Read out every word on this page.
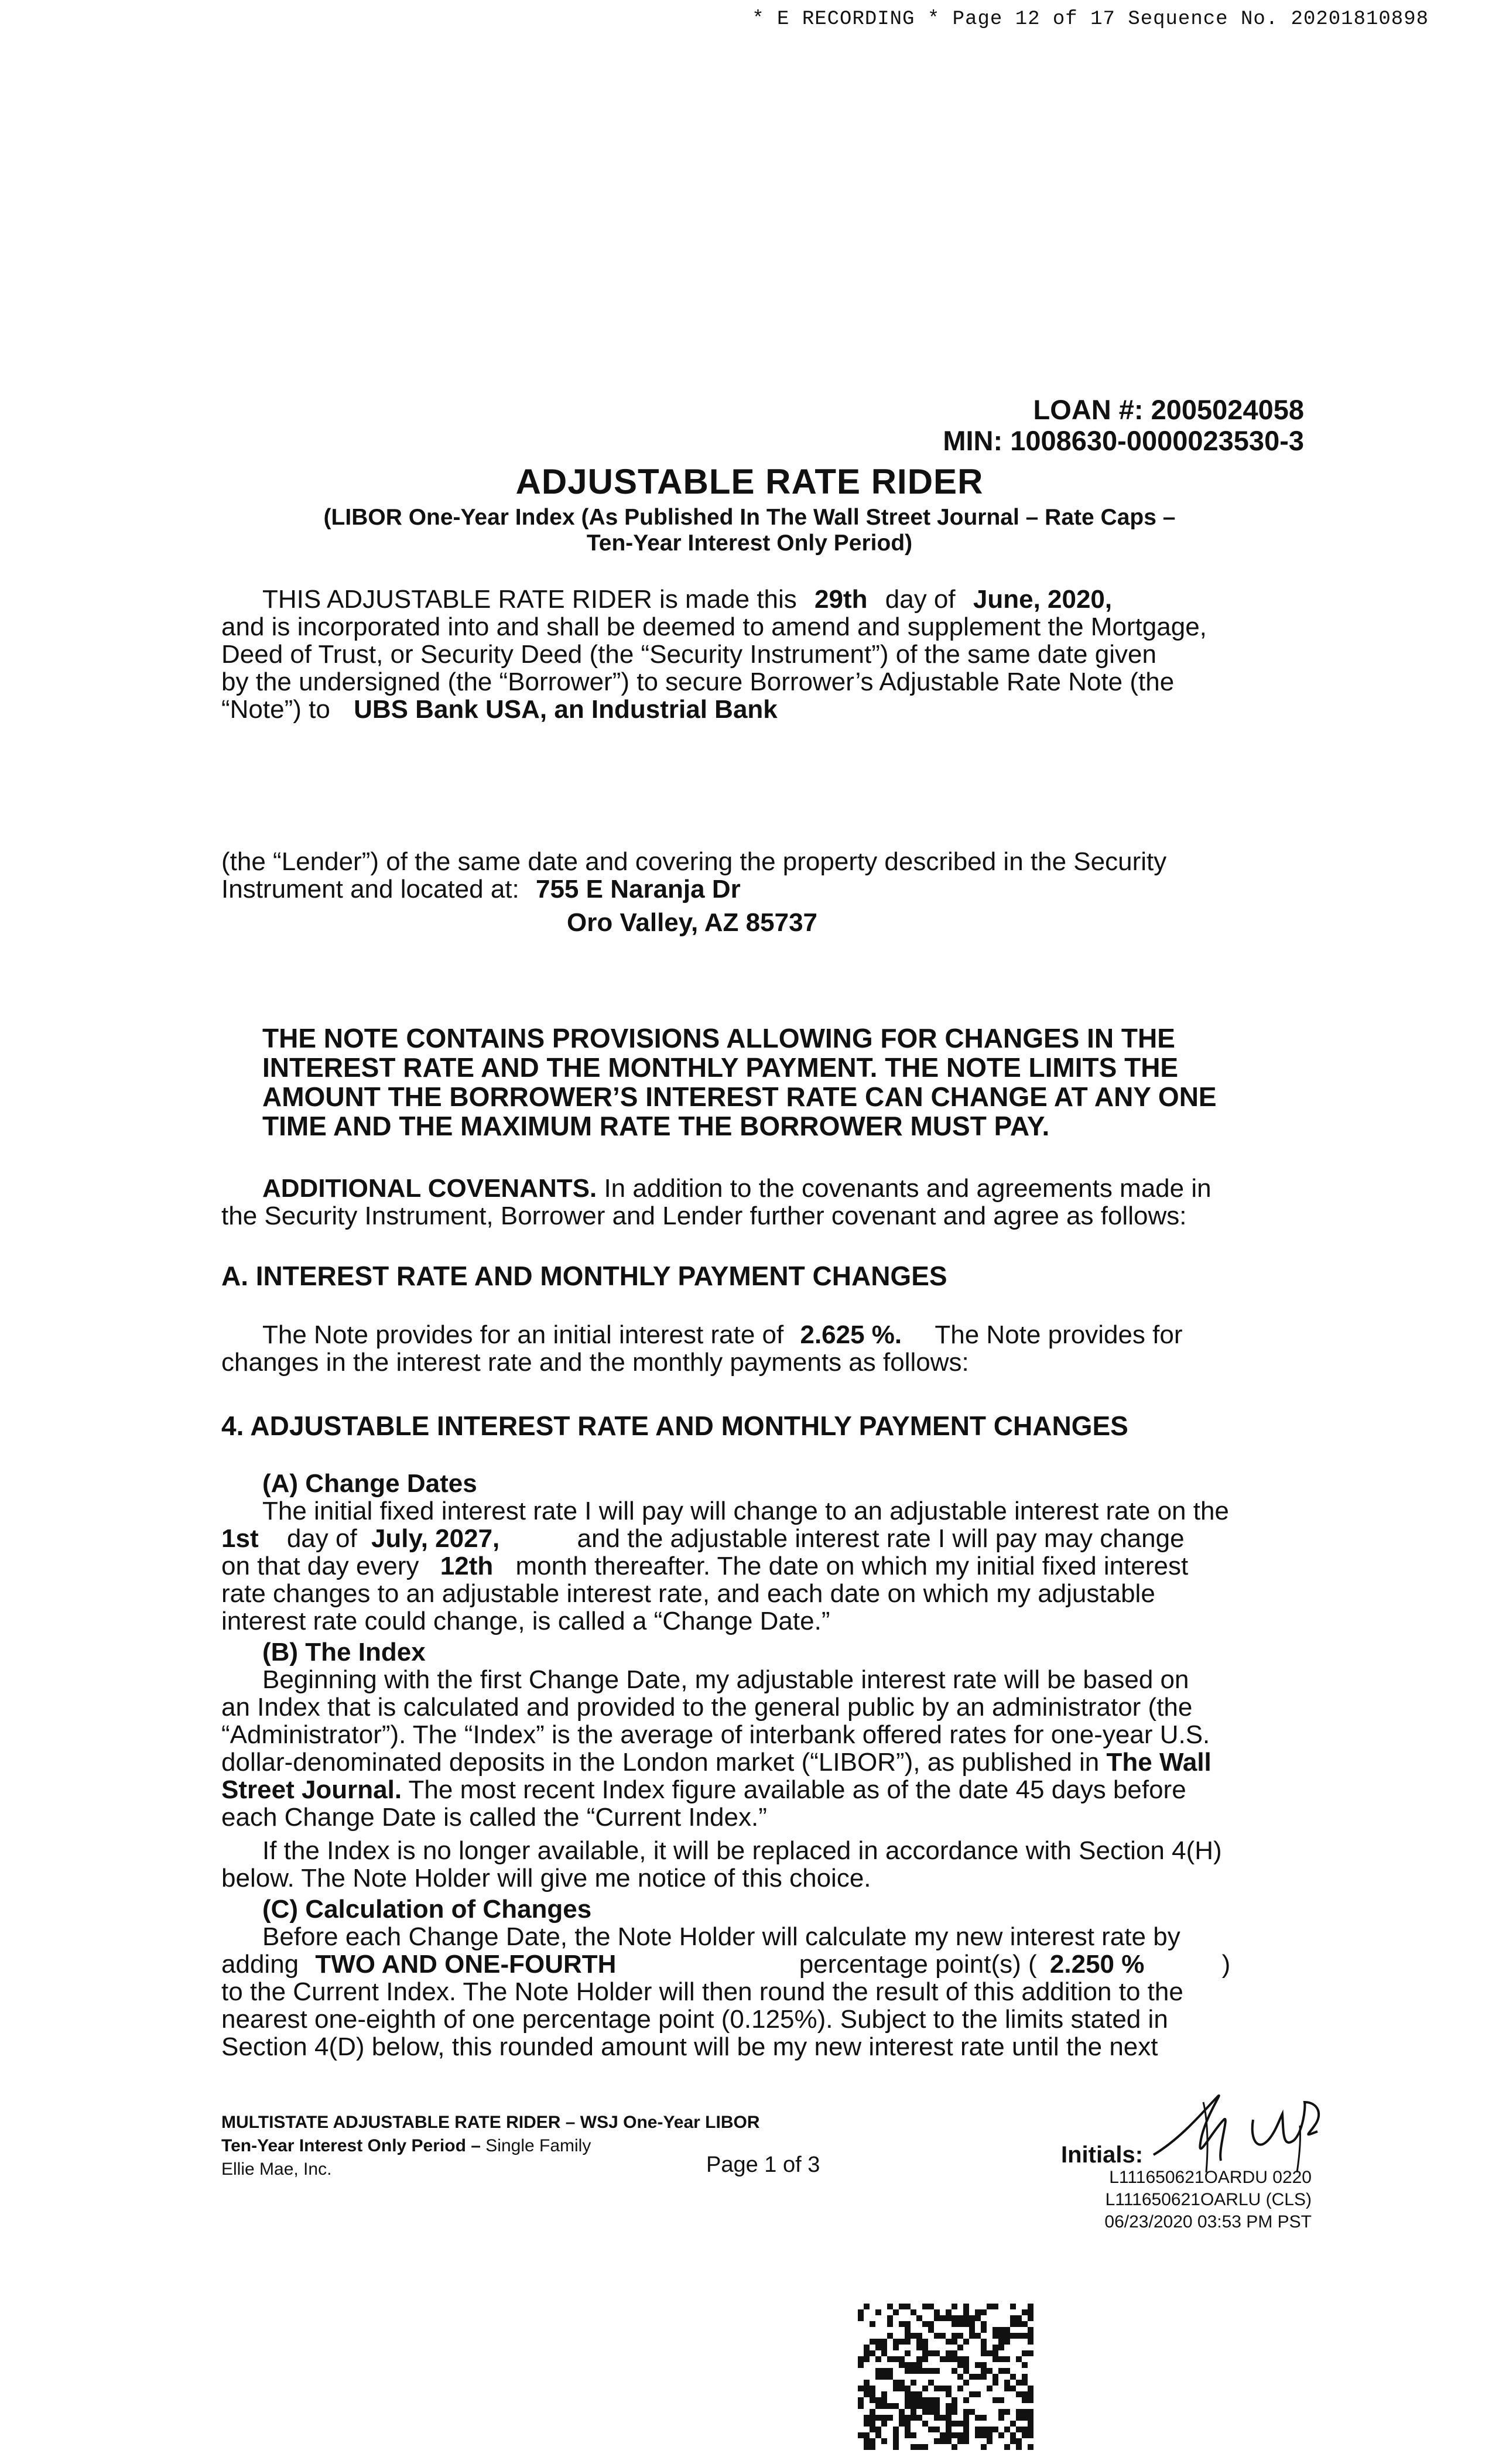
* E RECORDING * Page 12 of 17 Sequence No. 20201810898
LOAN #: 2005024058
MIN: 1008630-0000023530-3
ADJUSTABLE RATE RIDER
(LIBOR One-Year Index (As Published In The Wall Street Journal – Rate Caps –
Ten-Year Interest Only Period)
THIS ADJUSTABLE RATE RIDER is made this 29th day of June, 2020,
and is incorporated into and shall be deemed to amend and supplement the Mortgage,
Deed of Trust, or Security Deed (the “Security Instrument”) of the same date given
by the undersigned (the “Borrower”) to secure Borrower’s Adjustable Rate Note (the
“Note”) to UBS Bank USA, an Industrial Bank
(the “Lender”) of the same date and covering the property described in the Security
Instrument and located at: 755 E Naranja Dr
Oro Valley, AZ 85737
THE NOTE CONTAINS PROVISIONS ALLOWING FOR CHANGES IN THE
INTEREST RATE AND THE MONTHLY PAYMENT. THE NOTE LIMITS THE
AMOUNT THE BORROWER’S INTEREST RATE CAN CHANGE AT ANY ONE
TIME AND THE MAXIMUM RATE THE BORROWER MUST PAY.
ADDITIONAL COVENANTS. In addition to the covenants and agreements made in
the Security Instrument, Borrower and Lender further covenant and agree as follows:
A. INTEREST RATE AND MONTHLY PAYMENT CHANGES
The Note provides for an initial interest rate of 2.625 %. The Note provides for
changes in the interest rate and the monthly payments as follows:
4. ADJUSTABLE INTEREST RATE AND MONTHLY PAYMENT CHANGES
(A) Change Dates
The initial fixed interest rate I will pay will change to an adjustable interest rate on the
1st day of July, 2027,	and the adjustable interest rate I will pay may change
on that day every 12th month thereafter. The date on which my initial fixed interest
rate changes to an adjustable interest rate, and each date on which my adjustable
interest rate could change, is called a “Change Date.”
(B) The Index
Beginning with the first Change Date, my adjustable interest rate will be based on
an Index that is calculated and provided to the general public by an administrator (the
“Administrator”). The “Index” is the average of interbank offered rates for one-year U.S.
dollar-denominated deposits in the London market (“LIBOR”), as published in The Wall
Street Journal. The most recent Index figure available as of the date 45 days before
each Change Date is called the “Current Index.”
If the Index is no longer available, it will be replaced in accordance with Section 4(H)
below. The Note Holder will give me notice of this choice.
(C) Calculation of Changes
Before each Change Date, the Note Holder will calculate my new interest rate by
adding TWO AND ONE-FOURTH	percentage point(s) ( 2.250 %	)
to the Current Index. The Note Holder will then round the result of this addition to the
nearest one-eighth of one percentage point (0.125%). Subject to the limits stated in
Section 4(D) below, this rounded amount will be my new interest rate until the next
MULTISTATE ADJUSTABLE RATE RIDER – WSJ One-Year LIBOR
Ten-Year Interest Only Period – Single Family
Ellie Mae, Inc.	Page 1 of 3	Initials:
L111650621OARDU 0220
L111650621OARLU (CLS)
06/23/2020 03:53 PM PST
